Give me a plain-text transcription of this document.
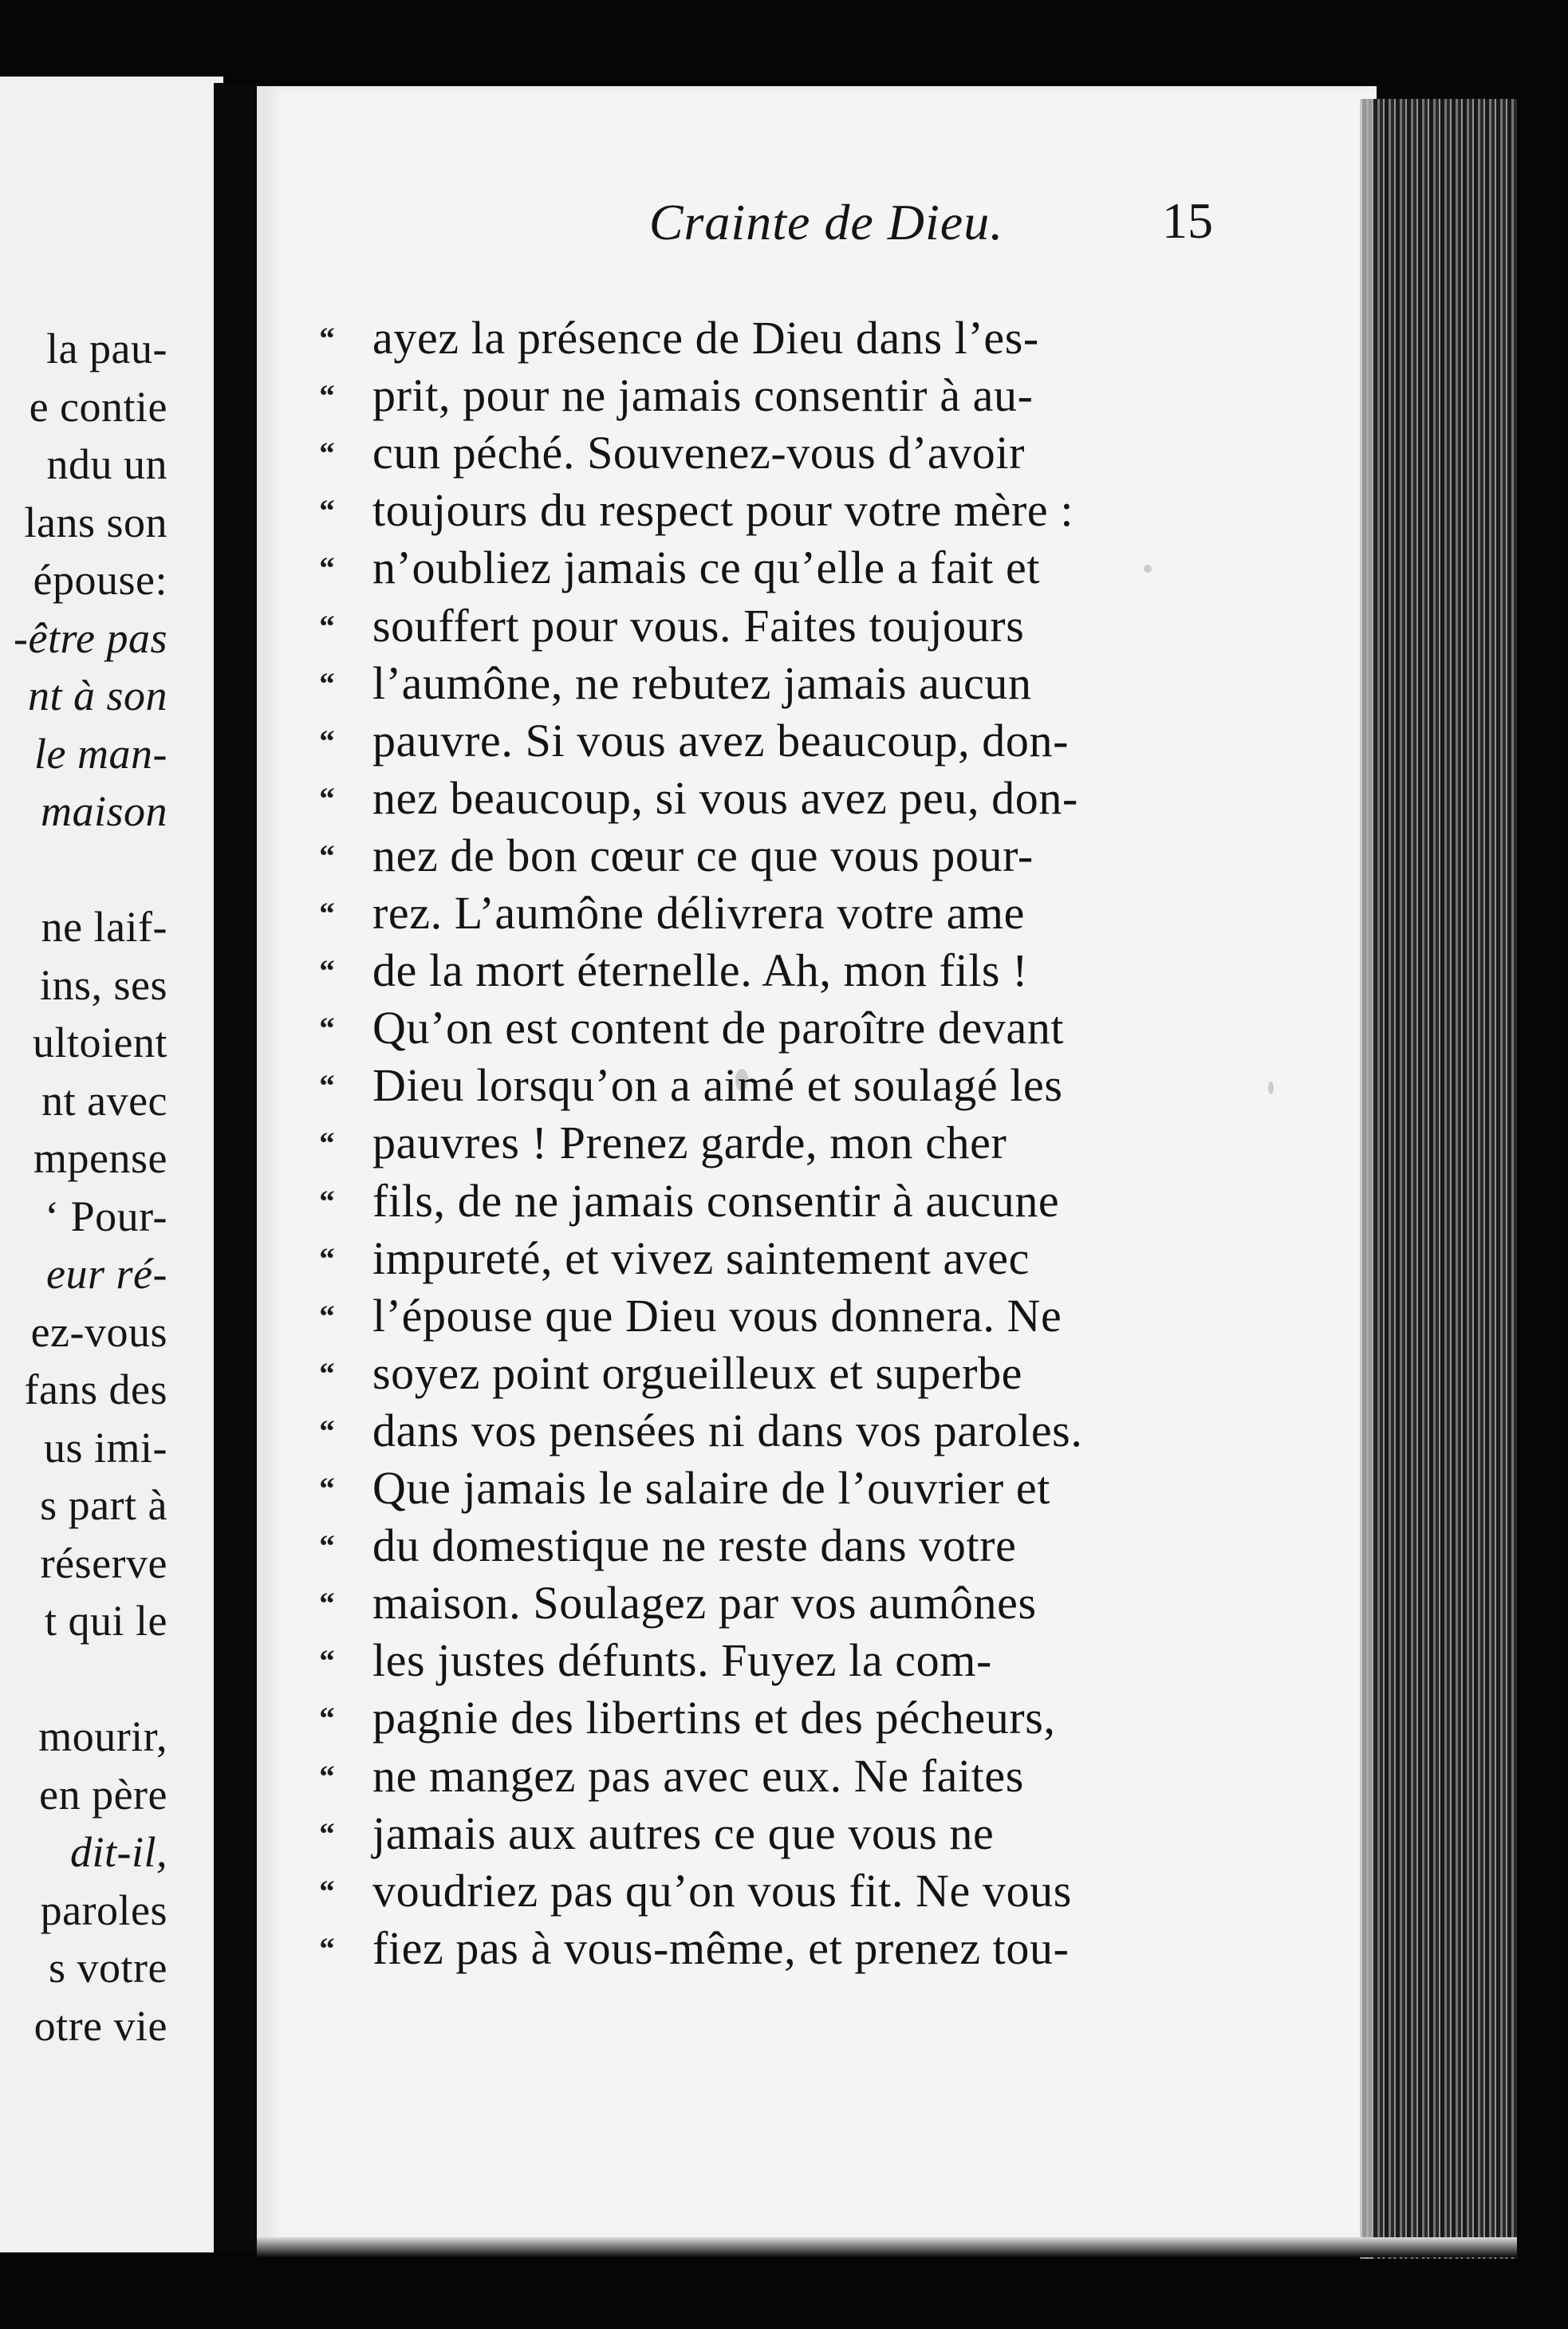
la pau-
e contie
ndu un
lans son
épouse:
-être pas
nt à son
le man-
maison
ne laif-
ins, ses
ultoient
nt avec
mpense
‘ Pour-
eur ré-
ez-vous
fans des
us imi-
s part à
réserve
t qui le
mourir,
en père
dit-il,
paroles
s votre
otre vie
Crainte de Dieu.	15
“
“
“
“
“
“
“
“
“
“
“
“
“
“
“
“
“
“
“
“
“
“
“
“
“
“
“
“
“
ayez la présence de Dieu dans l’es-
prit, pour ne jamais consentir à au-
cun péché. Souvenez-vous d’avoir
toujours du respect pour votre mère :
n’oubliez jamais ce qu’elle a fait et
souffert pour vous. Faites toujours
l’aumône, ne rebutez jamais aucun
pauvre. Si vous avez beaucoup, don-
nez beaucoup, si vous avez peu, don-
nez de bon cœur ce que vous pour-
rez. L’aumône délivrera votre ame
de la mort éternelle. Ah, mon fils !
Qu’on est content de paroître devant
Dieu lorsqu’on a aimé et soulagé les
pauvres ! Prenez garde, mon cher
fils, de ne jamais consentir à aucune
impureté, et vivez saintement avec
l’épouse que Dieu vous donnera. Ne
soyez point orgueilleux et superbe
dans vos pensées ni dans vos paroles.
Que jamais le salaire de l’ouvrier et
du domestique ne reste dans votre
maison. Soulagez par vos aumônes
les justes défunts. Fuyez la com-
pagnie des libertins et des pécheurs,
ne mangez pas avec eux. Ne faites
jamais aux autres ce que vous ne
voudriez pas qu’on vous fit. Ne vous
fiez pas à vous-même, et prenez tou-
